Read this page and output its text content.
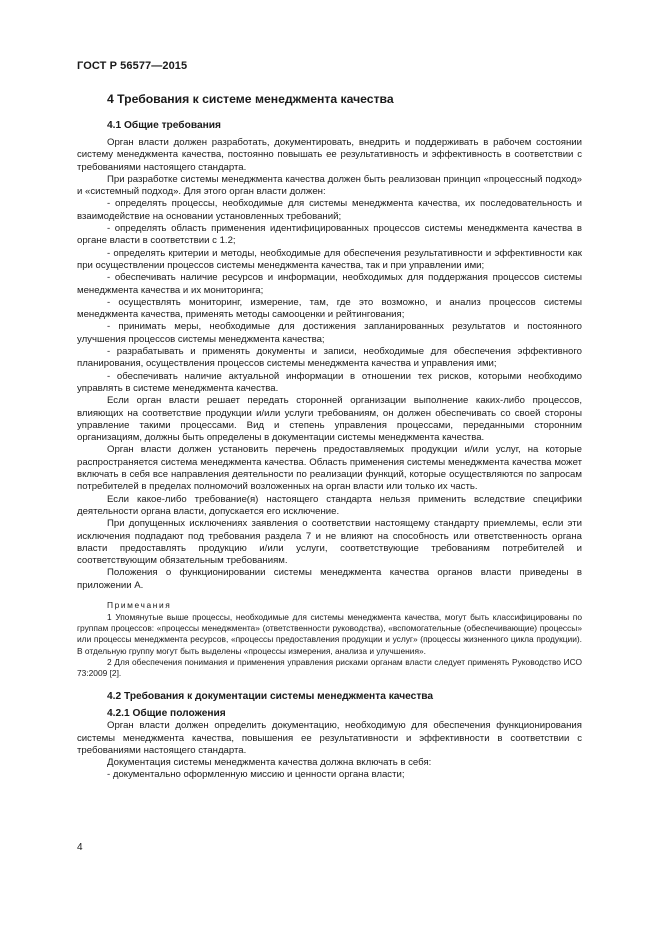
ГОСТ Р 56577—2015
4 Требования к системе менеджмента качества
4.1 Общие требования

Орган власти должен разработать, документировать, внедрить и поддерживать в рабочем состоянии систему менеджмента качества, постоянно повышать ее результативность и эффективность в соответствии с требованиями настоящего стандарта.

При разработке системы менеджмента качества должен быть реализован принцип «процессный подход» и «системный подход». Для этого орган власти должен:

- определять процессы, необходимые для системы менеджмента качества, их последовательность и взаимодействие на основании установленных требований;

- определять область применения идентифицированных процессов системы менеджмента качества в органе власти в соответствии с 1.2;

- определять критерии и методы, необходимые для обеспечения результативности и эффективности как при осуществлении процессов системы менеджмента качества, так и при управлении ими;

- обеспечивать наличие ресурсов и информации, необходимых для поддержания процессов системы менеджмента качества и их мониторинга;

- осуществлять мониторинг, измерение, там, где это возможно, и анализ процессов системы менеджмента качества, применять методы самооценки и рейтингования;

- принимать меры, необходимые для достижения запланированных результатов и постоянного улучшения процессов системы менеджмента качества;

- разрабатывать и применять документы и записи, необходимые для обеспечения эффективного планирования, осуществления процессов системы менеджмента качества и управления ими;

- обеспечивать наличие актуальной информации в отношении тех рисков, которыми необходимо управлять в системе менеджмента качества.

Если орган власти решает передать сторонней организации выполнение каких-либо процессов, влияющих на соответствие продукции и/или услуги требованиям, он должен обеспечивать со своей стороны управление такими процессами. Вид и степень управления процессами, переданными сторонним организациям, должны быть определены в документации системы менеджмента качества.

Орган власти должен установить перечень предоставляемых продукции и/или услуг, на которые распространяется система менеджмента качества. Область применения системы менеджмента качества может включать в себя все направления деятельности по реализации функций, которые осуществляются по запросам потребителей в пределах полномочий возложенных на орган власти или только их часть.

Если какое-либо требование(я) настоящего стандарта нельзя применить вследствие специфики деятельности органа власти, допускается его исключение.

При допущенных исключениях заявления о соответствии настоящему стандарту приемлемы, если эти исключения подпадают под требования раздела 7 и не влияют на способность или ответственность органа власти предоставлять продукцию и/или услуги, соответствующие требованиям потребителей и соответствующим обязательным требованиям.

Положения о функционировании системы менеджмента качества органов власти приведены в приложении А.

Примечания

1 Упомянутые выше процессы, необходимые для системы менеджмента качества, могут быть классифицированы по группам процессов: «процессы менеджмента» (ответственности руководства), «вспомогательные (обеспечивающие) процессы» или процессы менеджмента ресурсов, «процессы предоставления продукции и услуг» (процессы жизненного цикла продукции). В отдельную группу могут быть выделены «процессы измерения, анализа и улучшения».

2 Для обеспечения понимания и применения управления рисками органам власти следует применять Руководство ИСО 73:2009 [2].

4.2 Требования к документации системы менеджмента качества
4.2.1 Общие положения

Орган власти должен определить документацию, необходимую для обеспечения функционирования системы менеджмента качества, повышения ее результативности и эффективности в соответствии с требованиями настоящего стандарта.

Документация системы менеджмента качества должна включать в себя:

- документально оформленную миссию и ценности органа власти;

4
